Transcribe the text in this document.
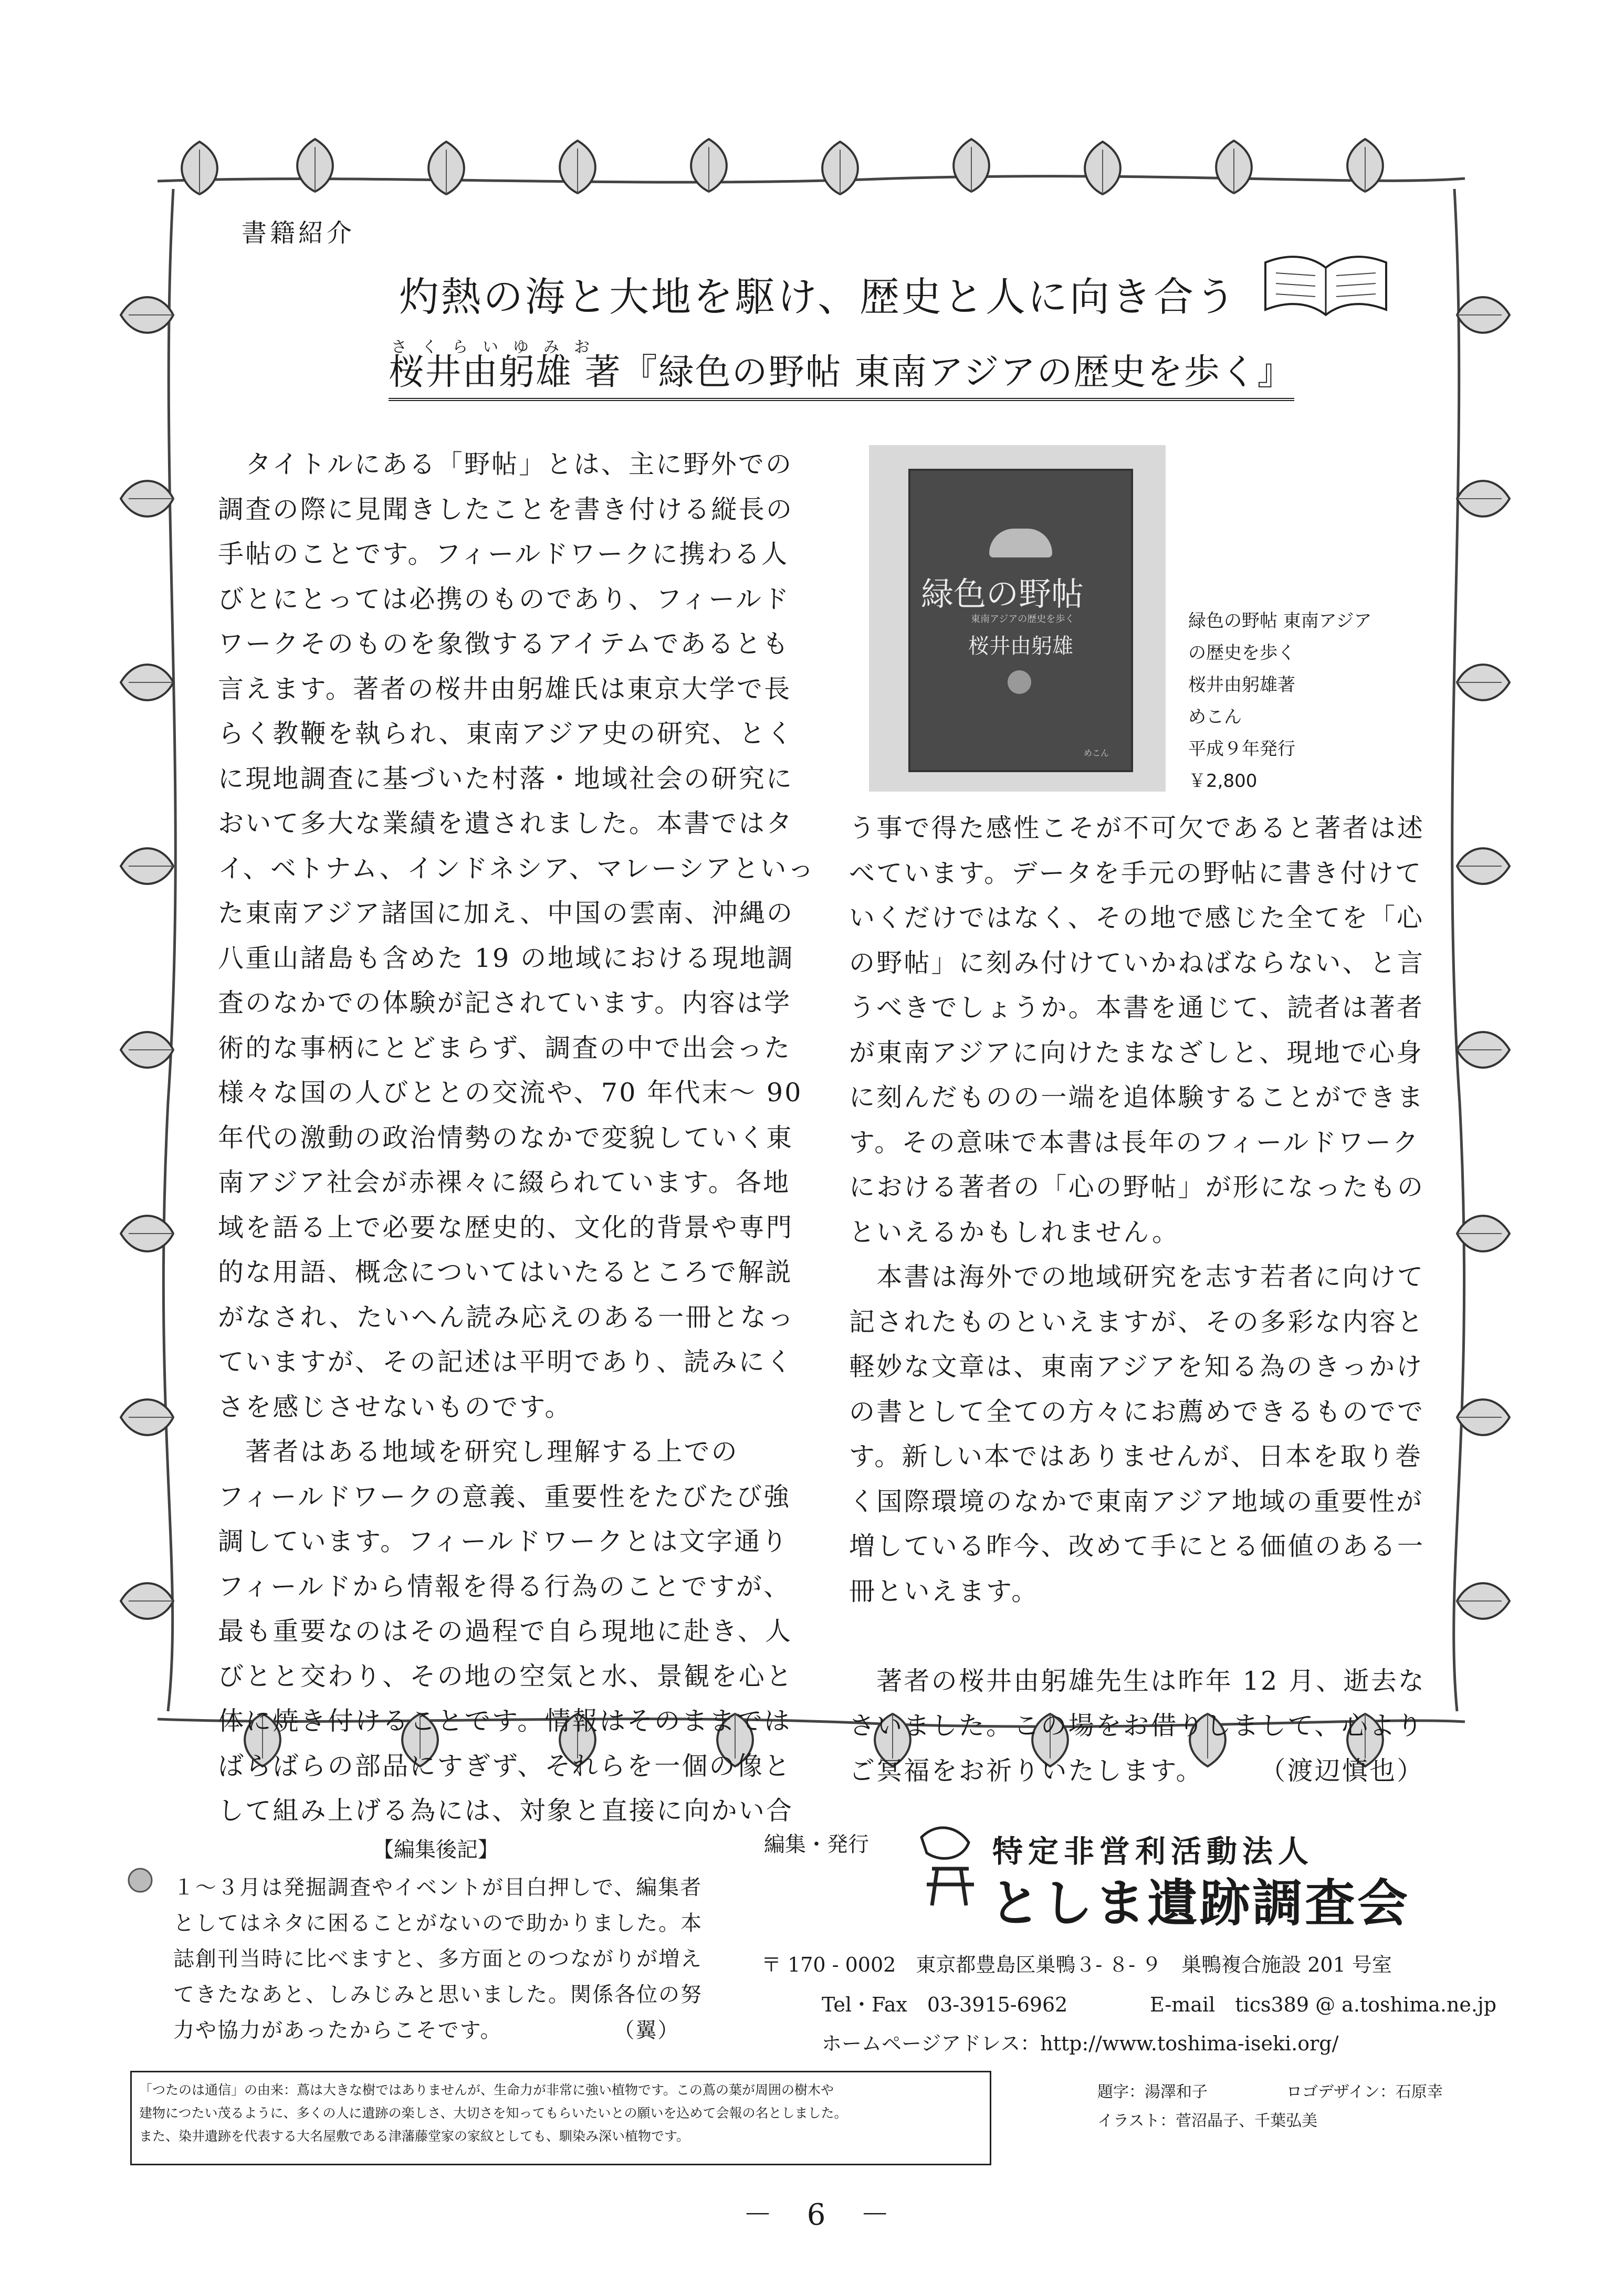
書籍紹介
灼熱の海と大地を駆け、歴史と人に向き合う
さくらいゆみお
桜井由躬雄 著『緑色の野帖 東南アジアの歴史を歩く』

　タイトルにある「野帖」とは、主に野外での

調査の際に見聞きしたことを書き付ける縦長の

手帖のことです。フィールドワークに携わる人

びとにとっては必携のものであり、フィールド

ワークそのものを象徴するアイテムであるとも

言えます。著者の桜井由躬雄氏は東京大学で長

らく教鞭を執られ、東南アジア史の研究、とく

に現地調査に基づいた村落・地域社会の研究に

おいて多大な業績を遺されました。本書ではタ

イ、ベトナム、インドネシア、マレーシアといっ

た東南アジア諸国に加え、中国の雲南、沖縄の

八重山諸島も含めた 19 の地域における現地調

査のなかでの体験が記されています。内容は学

術的な事柄にとどまらず、調査の中で出会った

様々な国の人びととの交流や、70 年代末～ 90

年代の激動の政治情勢のなかで変貌していく東

南アジア社会が赤裸々に綴られています。各地

域を語る上で必要な歴史的、文化的背景や専門

的な用語、概念についてはいたるところで解説

がなされ、たいへん読み応えのある一冊となっ

ていますが、その記述は平明であり、読みにく

さを感じさせないものです。

　著者はある地域を研究し理解する上での

フィールドワークの意義、重要性をたびたび強

調しています。フィールドワークとは文字通り

フィールドから情報を得る行為のことですが、

最も重要なのはその過程で自ら現地に赴き、人

びとと交わり、その地の空気と水、景観を心と

体に焼き付けることです。情報はそのままでは

ばらばらの部品にすぎず、それらを一個の像と

して組み上げる為には、対象と直接に向かい合

緑色の野帖
東南アジアの歴史を歩く
桜井由躬雄
めこん
緑色の野帖 東南アジア
の歴史を歩く
桜井由躬雄著
めこん
平成９年発行
￥2,800

う事で得た感性こそが不可欠であると著者は述

べています。データを手元の野帖に書き付けて

いくだけではなく、その地で感じた全てを「心

の野帖」に刻み付けていかねばならない、と言

うべきでしょうか。本書を通じて、読者は著者

が東南アジアに向けたまなざしと、現地で心身

に刻んだものの一端を追体験することができま

す。その意味で本書は長年のフィールドワーク

における著者の「心の野帖」が形になったもの

といえるかもしれません。

　本書は海外での地域研究を志す若者に向けて

記されたものといえますが、その多彩な内容と

軽妙な文章は、東南アジアを知る為のきっかけ

の書として全ての方々にお薦めできるものでで

す。新しい本ではありませんが、日本を取り巻

く国際環境のなかで東南アジア地域の重要性が

増している昨今、改めて手にとる価値のある一

冊といえます。

　著者の桜井由躬雄先生は昨年 12 月、逝去な

さいました。この場をお借りしまして、心より

ご冥福をお祈りいたします。　　　（渡辺慎也）

【編集後記】
１～３月は発掘調査やイベントが目白押しで、編集者
としてはネタに困ることがないので助かりました。本
誌創刊当時に比べますと、多方面とのつながりが増え
てきたなあと、しみじみと思いました。関係各位の努
力や協力があったからこそです。　　　　　　（翼）
編集・発行	特定非営利活動法人
としま遺跡調査会
〒 170 - 0002　東京都豊島区巣鴨３- ８- ９　巣鴨複合施設 201 号室
Tel・Fax　03-3915-6962	E-mail　tics389 @ a.toshima.ne.jp
ホームページアドレス：http://www.toshima-iseki.org/
「つたのは通信」の由来：蔦は大きな樹ではありませんが、生命力が非常に強い植物です。この蔦の葉が周囲の樹木や
建物につたい茂るように、多くの人に遺跡の楽しさ、大切さを知ってもらいたいとの願いを込めて会報の名としました。
また、染井遺跡を代表する大名屋敷である津藩藤堂家の家紋としても、馴染み深い植物です。
題字：湯澤和子	ロゴデザイン：石原幸
イラスト：菅沼晶子、千葉弘美
－ 6 －
